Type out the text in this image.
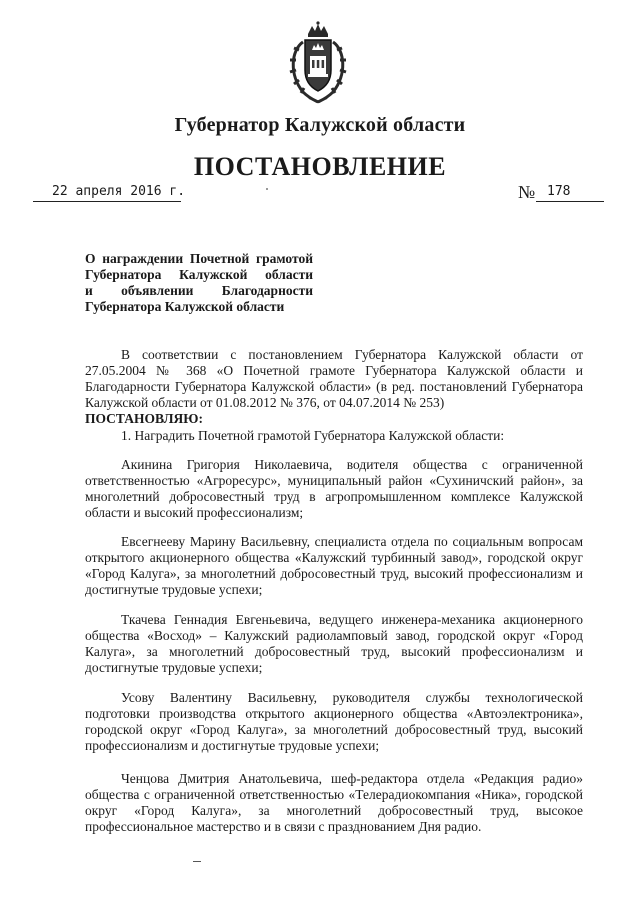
Губернатор Калужской области
ПОСТАНОВЛЕНИЕ
22 апреля 2016 г.	№ 178
О награждении Почетной грамотой
Губернатора Калужской области
и объявлении Благодарности
Губернатора Калужской области
В соответствии с постановлением Губернатора Калужской области от 27.05.2004 № 368 «О Почетной грамоте Губернатора Калужской области и Благодарности Губернатора Калужской области» (в ред. постановлений Губернатора Калужской области от 01.08.2012 № 376, от 04.07.2014 № 253)
ПОСТАНОВЛЯЮ:
1. Наградить Почетной грамотой Губернатора Калужской области:
Акинина Григория Николаевича, водителя общества с ограниченной ответственностью «Агроресурс», муниципальный район «Сухиничский район», за многолетний добросовестный труд в агропромышленном комплексе Калужской области и высокий профессионализм;
Евсегнееву Марину Васильевну, специалиста отдела по социальным вопросам открытого акционерного общества «Калужский турбинный завод», городской округ «Город Калуга», за многолетний добросовестный труд, высокий профессионализм и достигнутые трудовые успехи;
Ткачева Геннадия Евгеньевича, ведущего инженера-механика акционерного общества «Восход» – Калужский радиоламповый завод, городской округ «Город Калуга», за многолетний добросовестный труд, высокий профессионализм и достигнутые трудовые успехи;
Усову Валентину Васильевну, руководителя службы технологической подготовки производства открытого акционерного общества «Автоэлектроника», городской округ «Город Калуга», за многолетний добросовестный труд, высокий профессионализм и достигнутые трудовые успехи;
Ченцова Дмитрия Анатольевича, шеф-редактора отдела «Редакция радио» общества с ограниченной ответственностью «Телерадиокомпания «Ника», городской округ «Город Калуга», за многолетний добросовестный труд, высокое профессиональное мастерство и в связи с празднованием Дня радио.
